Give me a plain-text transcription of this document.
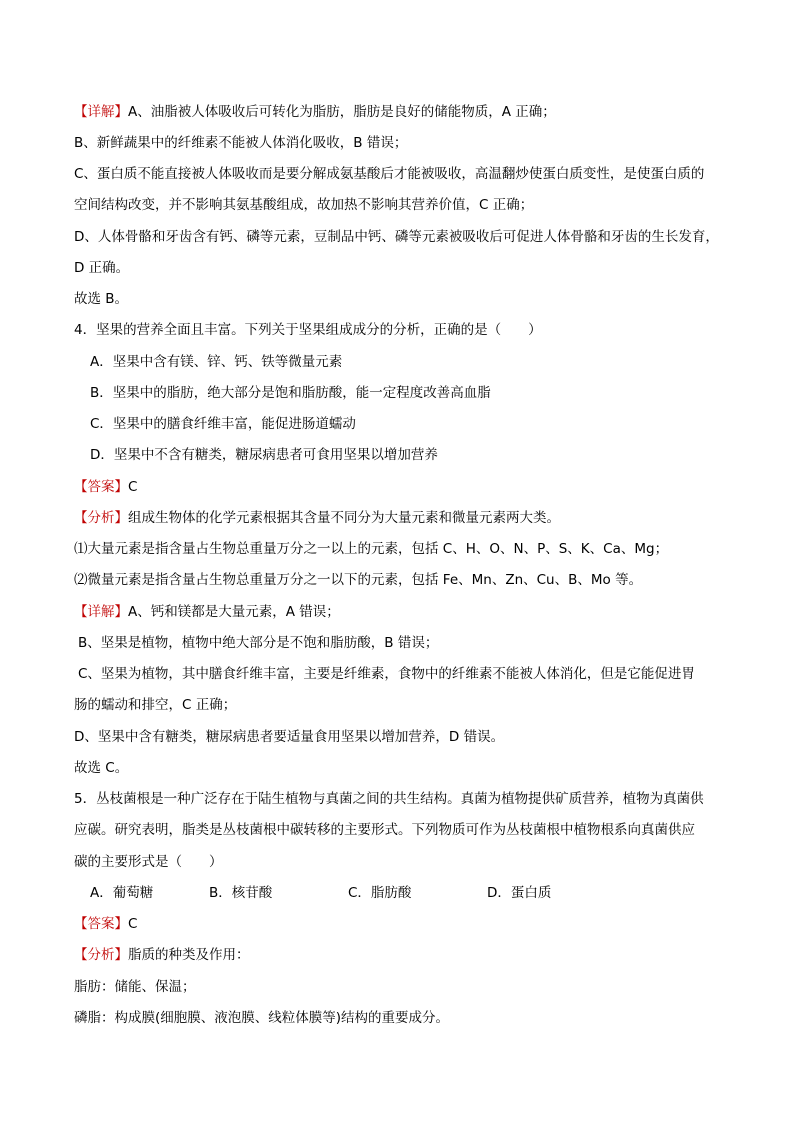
【详解】A、油脂被人体吸收后可转化为脂肪，脂肪是良好的储能物质，A 正确；
B、新鲜蔬果中的纤维素不能被人体消化吸收，B 错误；
C、蛋白质不能直接被人体吸收而是要分解成氨基酸后才能被吸收，高温翻炒使蛋白质变性，是使蛋白质的
空间结构改变，并不影响其氨基酸组成，故加热不影响其营养价值，C 正确；
D、人体骨骼和牙齿含有钙、磷等元素，豆制品中钙、磷等元素被吸收后可促进人体骨骼和牙齿的生长发育，
D 正确。
故选 B。
4．坚果的营养全面且丰富。下列关于坚果组成成分的分析，正确的是（　　）
A．坚果中含有镁、锌、钙、铁等微量元素
B．坚果中的脂肪，绝大部分是饱和脂肪酸，能一定程度改善高血脂
C．坚果中的膳食纤维丰富，能促进肠道蠕动
D．坚果中不含有糖类，糖尿病患者可食用坚果以增加营养
【答案】C
【分析】组成生物体的化学元素根据其含量不同分为大量元素和微量元素两大类。
⑴大量元素是指含量占生物总重量万分之一以上的元素，包括 C、H、O、N、P、S、K、Ca、Mg；
⑵微量元素是指含量占生物总重量万分之一以下的元素，包括 Fe、Mn、Zn、Cu、B、Mo 等。
【详解】A、钙和镁都是大量元素，A 错误；
B、坚果是植物，植物中绝大部分是不饱和脂肪酸，B 错误；
C、坚果为植物，其中膳食纤维丰富，主要是纤维素，食物中的纤维素不能被人体消化，但是它能促进胃
肠的蠕动和排空，C 正确；
D、坚果中含有糖类，糖尿病患者要适量食用坚果以增加营养，D 错误。
故选 C。
5．丛枝菌根是一种广泛存在于陆生植物与真菌之间的共生结构。真菌为植物提供矿质营养，植物为真菌供
应碳。研究表明，脂类是丛枝菌根中碳转移的主要形式。下列物质可作为丛枝菌根中植物根系向真菌供应
碳的主要形式是（　　）
A．葡萄糖	B．核苷酸	C．脂肪酸	D．蛋白质
【答案】C
【分析】脂质的种类及作用：
脂肪：储能、保温；
磷脂：构成膜(细胞膜、液泡膜、线粒体膜等)结构的重要成分。
